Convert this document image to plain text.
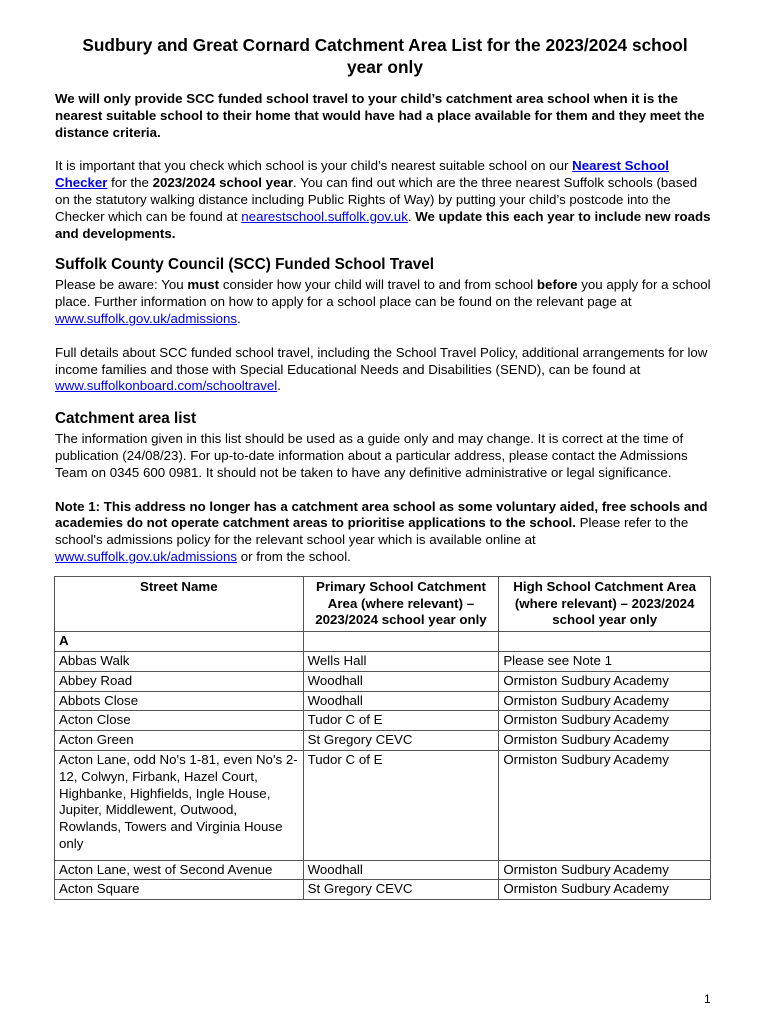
Sudbury and Great Cornard Catchment Area List for the 2023/2024 school year only

We will only provide SCC funded school travel to your child’s catchment area school when it is the nearest suitable school to their home that would have had a place available for them and they meet the distance criteria.

It is important that you check which school is your child’s nearest suitable school on our Nearest School Checker for the 2023/2024 school year. You can find out which are the three nearest Suffolk schools (based on the statutory walking distance including Public Rights of Way) by putting your child’s postcode into the Checker which can be found at nearestschool.suffolk.gov.uk. We update this each year to include new roads and developments.

Suffolk County Council (SCC) Funded School Travel

Please be aware: You must consider how your child will travel to and from school before you apply for a school place. Further information on how to apply for a school place can be found on the relevant page at www.suffolk.gov.uk/admissions.

Full details about SCC funded school travel, including the School Travel Policy, additional arrangements for low income families and those with Special Educational Needs and Disabilities (SEND), can be found at www.suffolkonboard.com/schooltravel.

Catchment area list

The information given in this list should be used as a guide only and may change. It is correct at the time of publication (24/08/23). For up-to-date information about a particular address, please contact the Admissions Team on 0345 600 0981. It should not be taken to have any definitive administrative or legal significance.

Note 1: This address no longer has a catchment area school as some voluntary aided, free schools and academies do not operate catchment areas to prioritise applications to the school. Please refer to the school's admissions policy for the relevant school year which is available online at www.suffolk.gov.uk/admissions or from the school.

Street Name	Primary School Catchment Area (where relevant) – 2023/2024 school year only	High School Catchment Area (where relevant) – 2023/2024 school year only
A		
Abbas Walk	Wells Hall	Please see Note 1
Abbey Road	Woodhall	Ormiston Sudbury Academy
Abbots Close	Woodhall	Ormiston Sudbury Academy
Acton Close	Tudor C of E	Ormiston Sudbury Academy
Acton Green	St Gregory CEVC	Ormiston Sudbury Academy
Acton Lane, odd No's 1-81, even No's 2-12, Colwyn, Firbank, Hazel Court, Highbanke, Highfields, Ingle House, Jupiter, Middlewent, Outwood, Rowlands, Towers and Virginia House only	Tudor C of E	Ormiston Sudbury Academy
Acton Lane, west of Second Avenue	Woodhall	Ormiston Sudbury Academy
Acton Square	St Gregory CEVC	Ormiston Sudbury Academy
1
